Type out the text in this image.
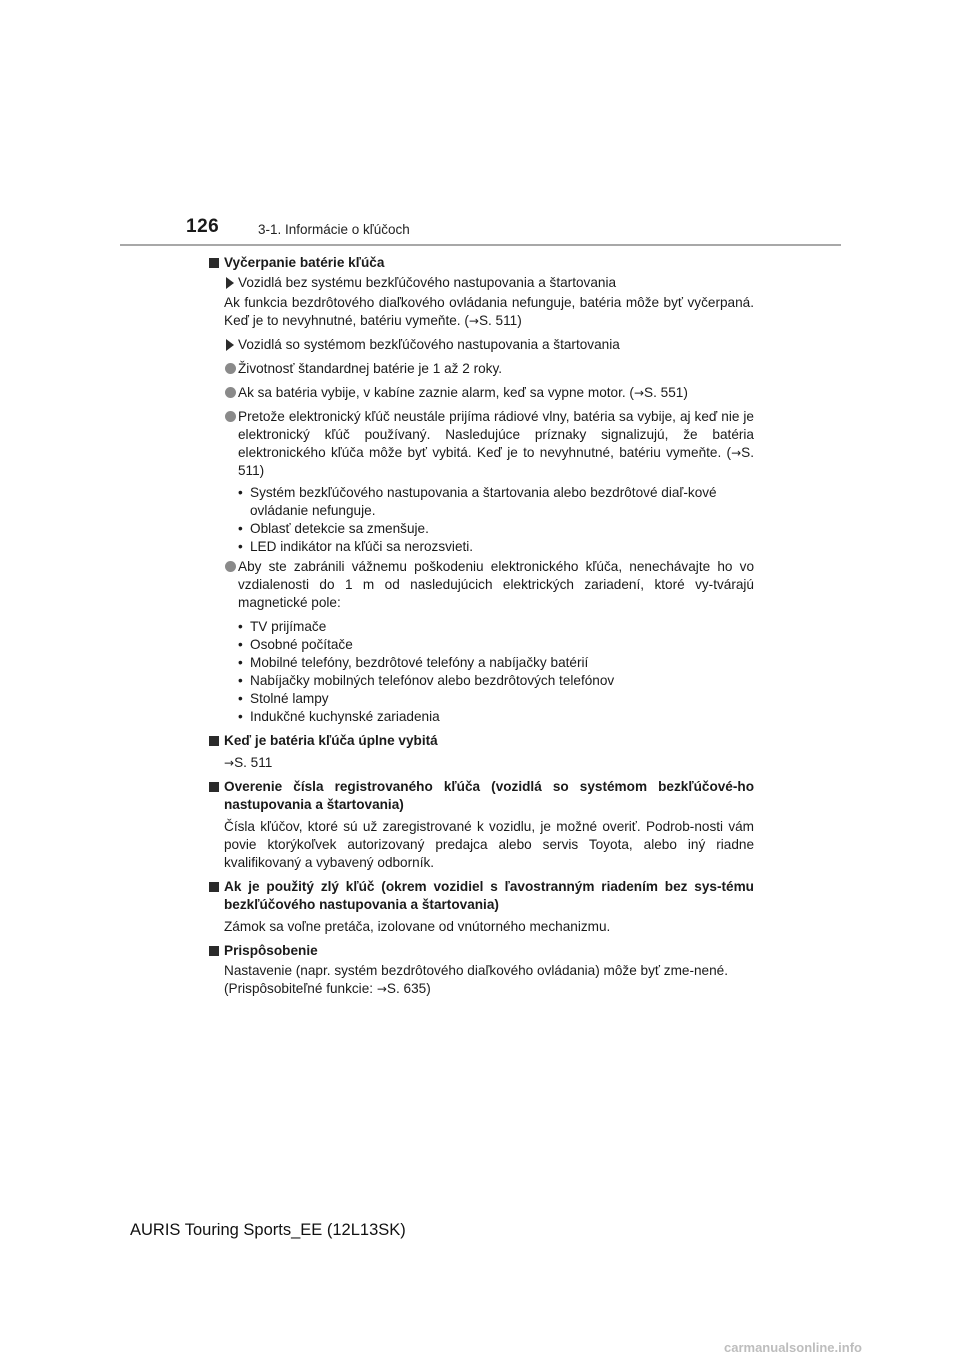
126	3-1. Informácie o kľúčoch
Vyčerpanie batérie kľúča
Vozidlá bez systému bezkľúčového nastupovania a štartovania
Ak funkcia bezdrôtového diaľkového ovládania nefunguje, batéria môže byť vyčerpaná. Keď je to nevyhnutné, batériu vymeňte. (→S. 511)
Vozidlá so systémom bezkľúčového nastupovania a štartovania
Životnosť štandardnej batérie je 1 až 2 roky.
Ak sa batéria vybije, v kabíne zaznie alarm, keď sa vypne motor. (→S. 551)
Pretože elektronický kľúč neustále prijíma rádiové vlny, batéria sa vybije, aj keď nie je elektronický kľúč používaný. Nasledujúce príznaky signalizujú, že batéria elektronického kľúča môže byť vybitá. Keď je to nevyhnutné, batériu vymeňte. (→S. 511)
• Systém bezkľúčového nastupovania a štartovania alebo bezdrôtové diaľ-kové ovládanie nefunguje.
• Oblasť detekcie sa zmenšuje.
• LED indikátor na kľúči sa nerozsvieti.
Aby ste zabránili vážnemu poškodeniu elektronického kľúča, nenechávajte ho vo vzdialenosti do 1 m od nasledujúcich elektrických zariadení, ktoré vy-tvárajú magnetické pole:
• TV prijímače
• Osobné počítače
• Mobilné telefóny, bezdrôtové telefóny a nabíjačky batérií
• Nabíjačky mobilných telefónov alebo bezdrôtových telefónov
• Stolné lampy
• Indukčné kuchynské zariadenia
Keď je batéria kľúča úplne vybitá
→S. 511
Overenie čísla registrovaného kľúča (vozidlá so systémom bezkľúčové-ho nastupovania a štartovania)
Čísla kľúčov, ktoré sú už zaregistrované k vozidlu, je možné overiť. Podrob-nosti vám povie ktorýkoľvek autorizovaný predajca alebo servis Toyota, alebo iný riadne kvalifikovaný a vybavený odborník.
Ak je použitý zlý kľúč (okrem vozidiel s ľavostranným riadením bez sys-tému bezkľúčového nastupovania a štartovania)
Zámok sa voľne pretáča, izolovane od vnútorného mechanizmu.
Prispôsobenie
Nastavenie (napr. systém bezdrôtového diaľkového ovládania) môže byť zme-nené.
(Prispôsobiteľné funkcie: →S. 635)
AURIS Touring Sports_EE (12L13SK)
carmanualsonline.info
